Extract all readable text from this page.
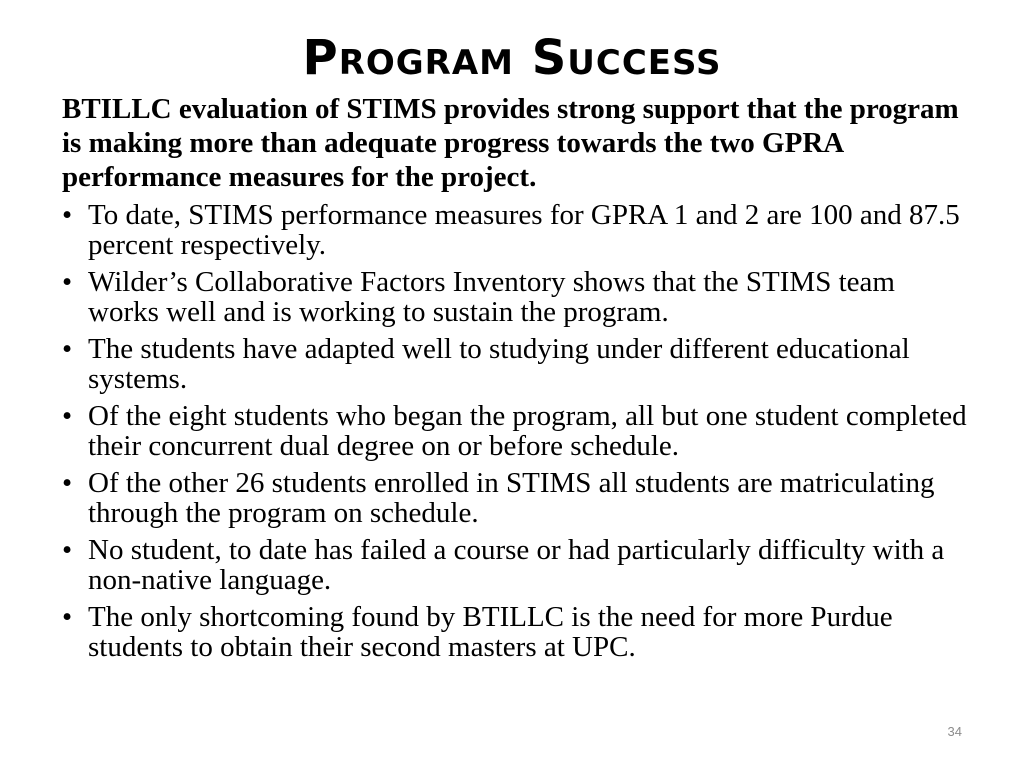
Program Success

BTILLC evaluation of STIMS provides strong support that the program is making more than adequate progress towards the two GPRA performance measures for the project.

• To date, STIMS performance measures for GPRA 1 and 2 are 100 and 87.5 percent respectively.
• Wilder’s Collaborative Factors Inventory shows that the STIMS team works well and is working to sustain the program.
• The students have adapted well to studying under different educational systems.
• Of the eight students who began the program, all but one student completed their concurrent dual degree on or before schedule.
• Of the other 26 students enrolled in STIMS all students are matriculating through the program on schedule.
• No student, to date has failed a course or had particularly difficulty with a non-native language.
• The only shortcoming found by BTILLC is the need for more Purdue students to obtain their second masters at UPC.
34
